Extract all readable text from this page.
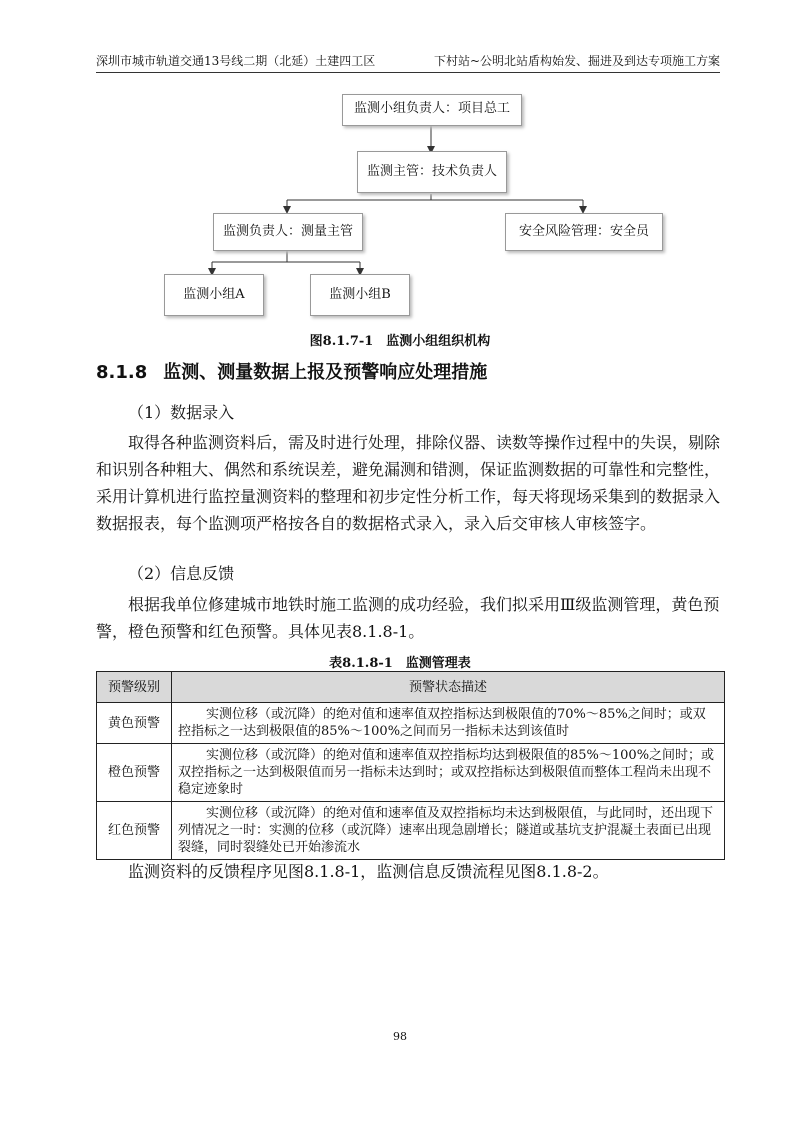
深圳市城市轨道交通13号线二期（北延）土建四工区	下村站~公明北站盾构始发、掘进及到达专项施工方案
监测小组负责人：项目总工
监测主管：技术负责人
监测负责人：测量主管	安全风险管理：安全员
监测小组A	监测小组B
图8.1.7-1　监测小组组织机构
8.1.8 监测、测量数据上报及预警响应处理措施
（1）数据录入
取得各种监测资料后，需及时进行处理，排除仪器、读数等操作过程中的失误，剔除和识别各种粗大、偶然和系统误差，避免漏测和错测，保证监测数据的可靠性和完整性，采用计算机进行监控量测资料的整理和初步定性分析工作，每天将现场采集到的数据录入数据报表，每个监测项严格按各自的数据格式录入，录入后交审核人审核签字。
（2）信息反馈
根据我单位修建城市地铁时施工监测的成功经验，我们拟采用Ⅲ级监测管理，黄色预警，橙色预警和红色预警。具体见表8.1.8-1。
表8.1.8-1　监测管理表
预警级别	预警状态描述
黄色预警	实测位移（或沉降）的绝对值和速率值双控指标达到极限值的70%～85%之间时；或双控指标之一达到极限值的85%～100%之间而另一指标未达到该值时
橙色预警	实测位移（或沉降）的绝对值和速率值双控指标均达到极限值的85%～100%之间时；或双控指标之一达到极限值而另一指标未达到时；或双控指标达到极限值而整体工程尚未出现不稳定迹象时
红色预警	实测位移（或沉降）的绝对值和速率值及双控指标均未达到极限值，与此同时，还出现下列情况之一时：实测的位移（或沉降）速率出现急剧增长；隧道或基坑支护混凝土表面已出现裂缝，同时裂缝处已开始渗流水
监测资料的反馈程序见图8.1.8-1，监测信息反馈流程见图8.1.8-2。
98
